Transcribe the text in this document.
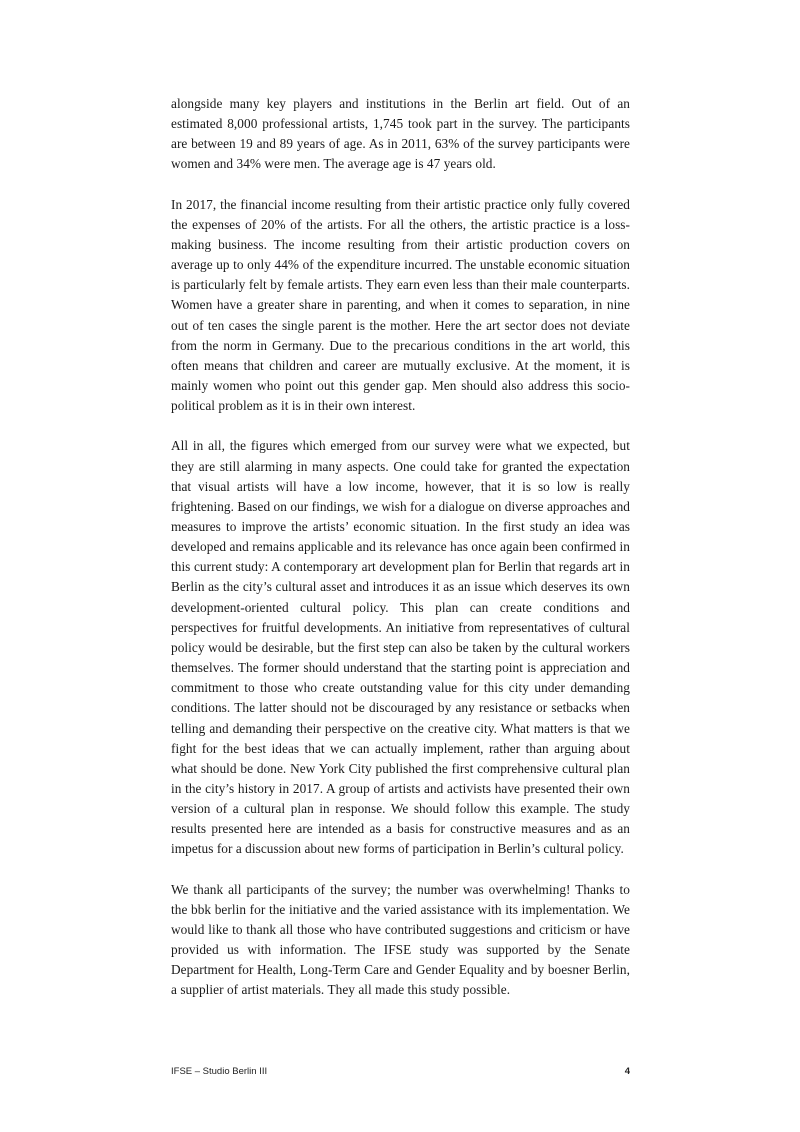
alongside many key players and institutions in the Berlin art field. Out of an estimated 8,000 professional artists, 1,745 took part in the survey. The participants are between 19 and 89 years of age. As in 2011, 63% of the survey participants were women and 34% were men. The average age is 47 years old.

In 2017, the financial income resulting from their artistic practice only fully covered the expenses of 20% of the artists. For all the others, the artistic practice is a loss-making business. The income resulting from their artistic production covers on average up to only 44% of the expenditure incurred. The unstable economic situation is particularly felt by female artists. They earn even less than their male counterparts. Women have a greater share in parenting, and when it comes to separation, in nine out of ten cases the single parent is the mother. Here the art sector does not deviate from the norm in Germany. Due to the precarious conditions in the art world, this often means that children and career are mutually exclusive. At the moment, it is mainly women who point out this gender gap. Men should also address this socio-political problem as it is in their own interest.

All in all, the figures which emerged from our survey were what we expected, but they are still alarming in many aspects. One could take for granted the expectation that visual artists will have a low income, however, that it is so low is really frightening. Based on our findings, we wish for a dialogue on diverse approaches and measures to improve the artists’ economic situation. In the first study an idea was developed and remains applicable and its relevance has once again been confirmed in this current study: A contemporary art development plan for Berlin that regards art in Berlin as the city’s cultural asset and introduces it as an issue which deserves its own development-oriented cultural policy. This plan can create conditions and perspectives for fruitful developments. An initiative from representatives of cultural policy would be desirable, but the first step can also be taken by the cultural workers themselves. The former should understand that the starting point is appreciation and commitment to those who create outstanding value for this city under demanding conditions. The latter should not be discouraged by any resistance or setbacks when telling and demanding their perspective on the creative city. What matters is that we fight for the best ideas that we can actually implement, rather than arguing about what should be done. New York City published the first comprehensive cultural plan in the city’s history in 2017. A group of artists and activists have presented their own version of a cultural plan in response. We should follow this example. The study results presented here are intended as a basis for constructive measures and as an impetus for a discussion about new forms of participation in Berlin’s cultural policy.

We thank all participants of the survey; the number was overwhelming! Thanks to the bbk berlin for the initiative and the varied assistance with its implementation. We would like to thank all those who have contributed suggestions and criticism or have provided us with information. The IFSE study was supported by the Senate Department for Health, Long-Term Care and Gender Equality and by boesner Berlin, a supplier of artist materials. They all made this study possible.

IFSE – Studio Berlin III	4
